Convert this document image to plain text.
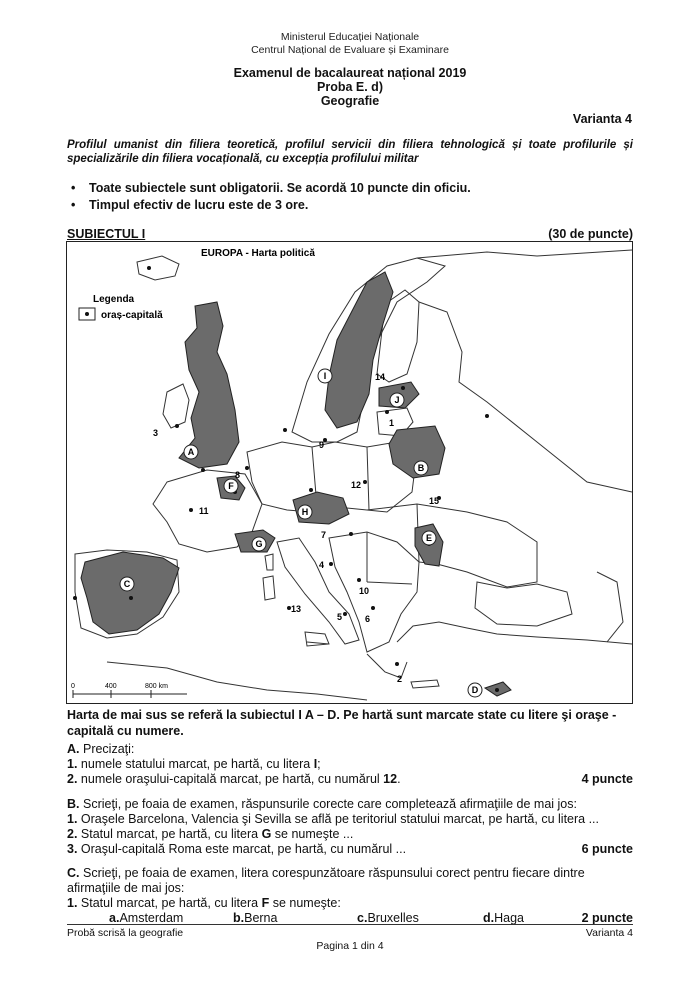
Ministerul Educației Naționale
Centrul Național de Evaluare și Examinare
Examenul de bacalaureat național 2019
Proba E. d)
Geografie
Varianta 4
Profilul umanist din filiera teoretică, profilul servicii din filiera tehnologică și toate profilurile și specializările din filiera vocațională, cu excepția profilului militar
• Toate subiectele sunt obligatorii. Se acordă 10 puncte din oficiu.
• Timpul efectiv de lucru este de 3 ore.
SUBIECTUL I	(30 de puncte)
EUROPA - Harta politică
Legenda
oraș-capitală
A
B
C
D
E
F
G
H
I
J
1
2
3
4
5	6
7
8
9
10
11
12
13
14
15
0	400	800 km
Harta de mai sus se referă la subiectul I A – D. Pe hartă sunt marcate state cu litere şi oraşe - capitală cu numere.
A. Precizaţi:
1. numele statului marcat, pe hartă, cu litera I;
2. numele oraşului-capitală marcat, pe hartă, cu numărul 12.	4 puncte
B. Scrieţi, pe foaia de examen, răspunsurile corecte care completează afirmaţiile de mai jos:
1. Oraşele Barcelona, Valencia şi Sevilla se află pe teritoriul statului marcat, pe hartă, cu litera ...
2. Statul marcat, pe hartă, cu litera G se numeşte ...
3. Oraşul-capitală Roma este marcat, pe hartă, cu numărul ...	6 puncte
C. Scrieţi, pe foaia de examen, litera corespunzătoare răspunsului corect pentru fiecare dintre afirmaţiile de mai jos:
1. Statul marcat, pe hartă, cu litera F se numeşte:
a. Amsterdam	b. Berna	c. Bruxelles	d. Haga	2 puncte
Probă scrisă la geografie	Varianta 4
Pagina 1 din 4
